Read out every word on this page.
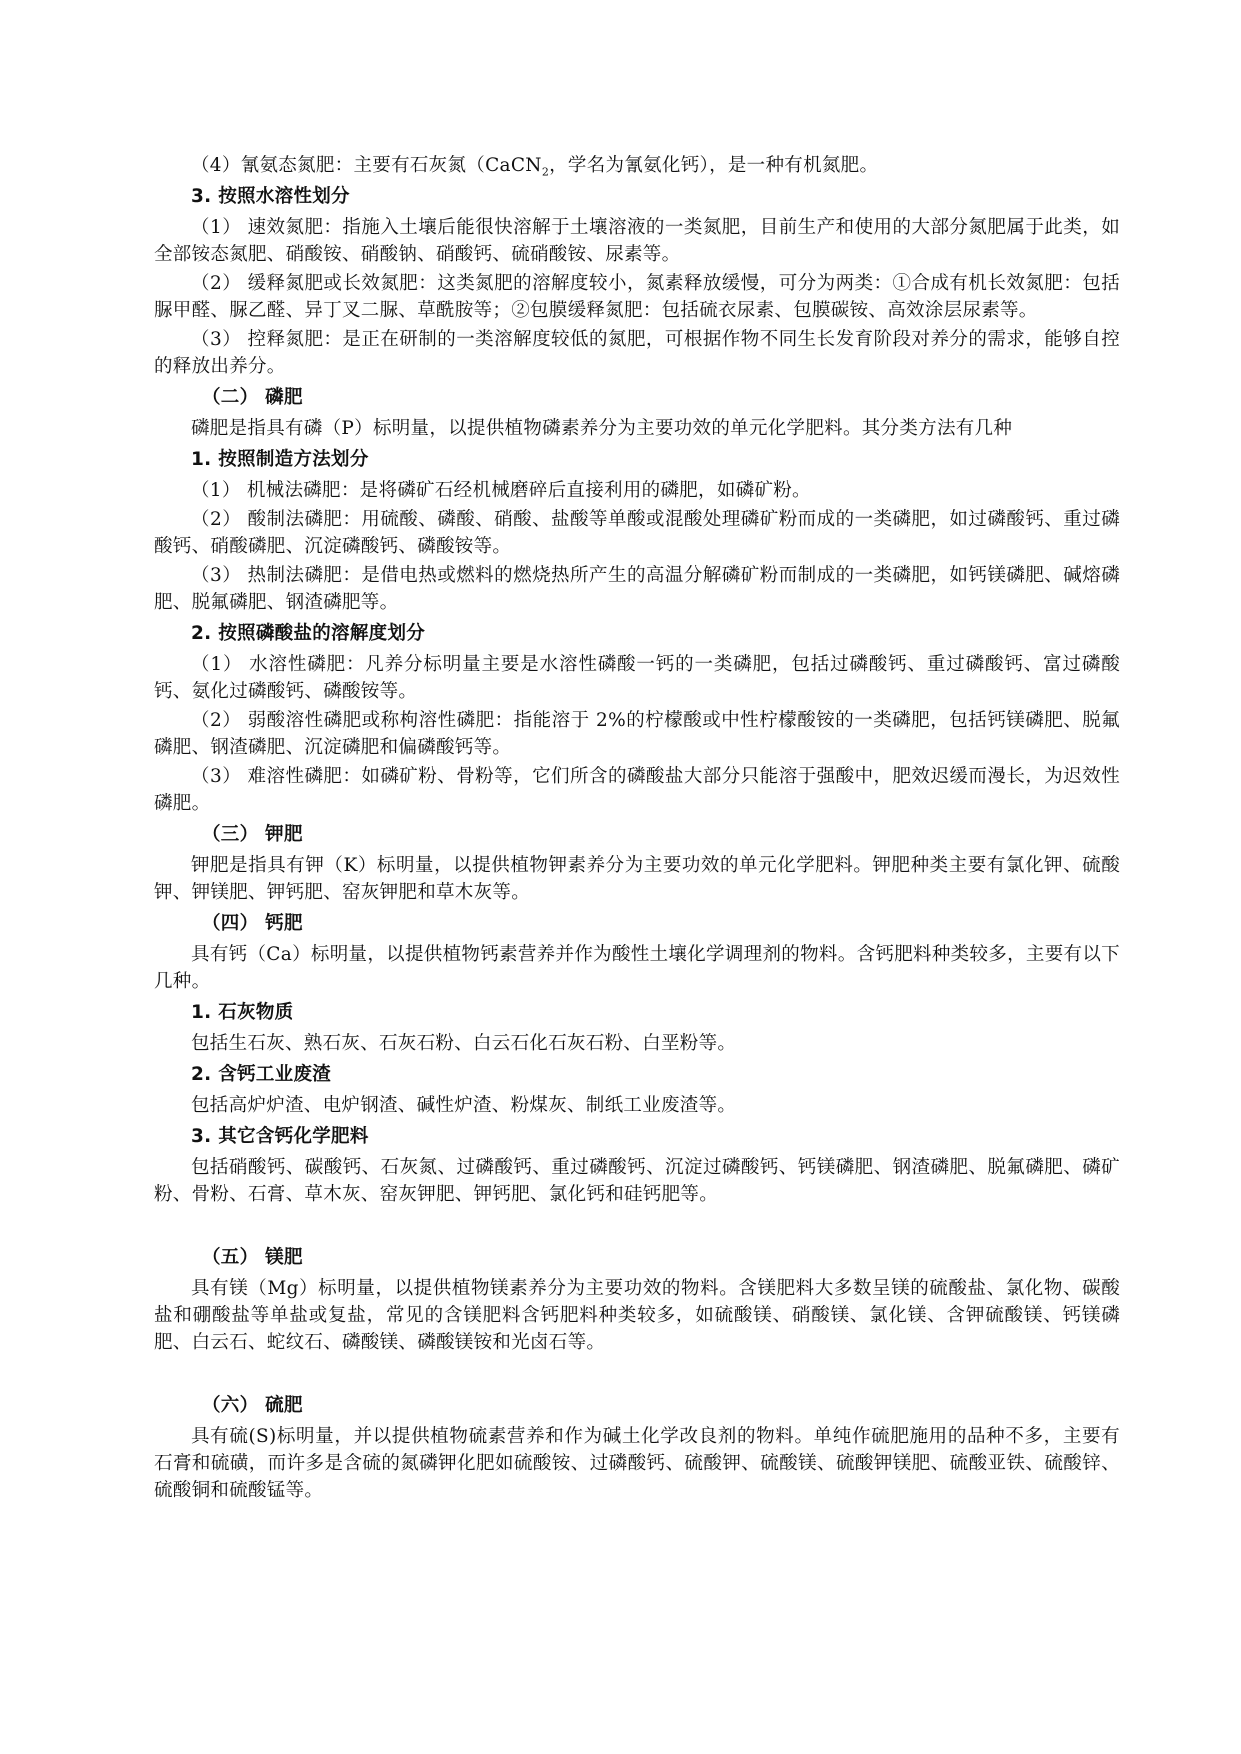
（4）氰氨态氮肥：主要有石灰氮（CaCN$_2$，学名为氰氨化钙），是一种有机氮肥。

3. 按照水溶性划分

（1） 速效氮肥：指施入土壤后能很快溶解于土壤溶液的一类氮肥，目前生产和使用的大部分氮肥属于此类，如全部铵态氮肥、硝酸铵、硝酸钠、硝酸钙、硫硝酸铵、尿素等。

（2） 缓释氮肥或长效氮肥：这类氮肥的溶解度较小，氮素释放缓慢，可分为两类：①合成有机长效氮肥：包括脲甲醛、脲乙醛、异丁叉二脲、草酰胺等；②包膜缓释氮肥：包括硫衣尿素、包膜碳铵、高效涂层尿素等。

（3） 控释氮肥：是正在研制的一类溶解度较低的氮肥，可根据作物不同生长发育阶段对养分的需求，能够自控的释放出养分。

（二） 磷肥

磷肥是指具有磷（P）标明量，以提供植物磷素养分为主要功效的单元化学肥料。其分类方法有几种

1. 按照制造方法划分

（1） 机械法磷肥：是将磷矿石经机械磨碎后直接利用的磷肥，如磷矿粉。

（2） 酸制法磷肥：用硫酸、磷酸、硝酸、盐酸等单酸或混酸处理磷矿粉而成的一类磷肥，如过磷酸钙、重过磷酸钙、硝酸磷肥、沉淀磷酸钙、磷酸铵等。

（3） 热制法磷肥：是借电热或燃料的燃烧热所产生的高温分解磷矿粉而制成的一类磷肥，如钙镁磷肥、碱熔磷肥、脱氟磷肥、钢渣磷肥等。

2. 按照磷酸盐的溶解度划分

（1） 水溶性磷肥：凡养分标明量主要是水溶性磷酸一钙的一类磷肥，包括过磷酸钙、重过磷酸钙、富过磷酸钙、氨化过磷酸钙、磷酸铵等。

（2） 弱酸溶性磷肥或称枸溶性磷肥：指能溶于 2%的柠檬酸或中性柠檬酸铵的一类磷肥，包括钙镁磷肥、脱氟磷肥、钢渣磷肥、沉淀磷肥和偏磷酸钙等。

（3） 难溶性磷肥：如磷矿粉、骨粉等，它们所含的磷酸盐大部分只能溶于强酸中，肥效迟缓而漫长，为迟效性磷肥。

（三） 钾肥

钾肥是指具有钾（K）标明量，以提供植物钾素养分为主要功效的单元化学肥料。钾肥种类主要有氯化钾、硫酸钾、钾镁肥、钾钙肥、窑灰钾肥和草木灰等。

（四） 钙肥

具有钙（Ca）标明量，以提供植物钙素营养并作为酸性土壤化学调理剂的物料。含钙肥料种类较多，主要有以下几种。

1. 石灰物质

包括生石灰、熟石灰、石灰石粉、白云石化石灰石粉、白垩粉等。

2. 含钙工业废渣

包括高炉炉渣、电炉钢渣、碱性炉渣、粉煤灰、制纸工业废渣等。

3. 其它含钙化学肥料

包括硝酸钙、碳酸钙、石灰氮、过磷酸钙、重过磷酸钙、沉淀过磷酸钙、钙镁磷肥、钢渣磷肥、脱氟磷肥、磷矿粉、骨粉、石膏、草木灰、窑灰钾肥、钾钙肥、氯化钙和硅钙肥等。

（五） 镁肥

具有镁（Mg）标明量，以提供植物镁素养分为主要功效的物料。含镁肥料大多数呈镁的硫酸盐、氯化物、碳酸盐和硼酸盐等单盐或复盐，常见的含镁肥料含钙肥料种类较多，如硫酸镁、硝酸镁、氯化镁、含钾硫酸镁、钙镁磷肥、白云石、蛇纹石、磷酸镁、磷酸镁铵和光卤石等。

（六） 硫肥

具有硫(S)标明量，并以提供植物硫素营养和作为碱土化学改良剂的物料。单纯作硫肥施用的品种不多，主要有石膏和硫磺，而许多是含硫的氮磷钾化肥如硫酸铵、过磷酸钙、硫酸钾、硫酸镁、硫酸钾镁肥、硫酸亚铁、硫酸锌、硫酸铜和硫酸锰等。
